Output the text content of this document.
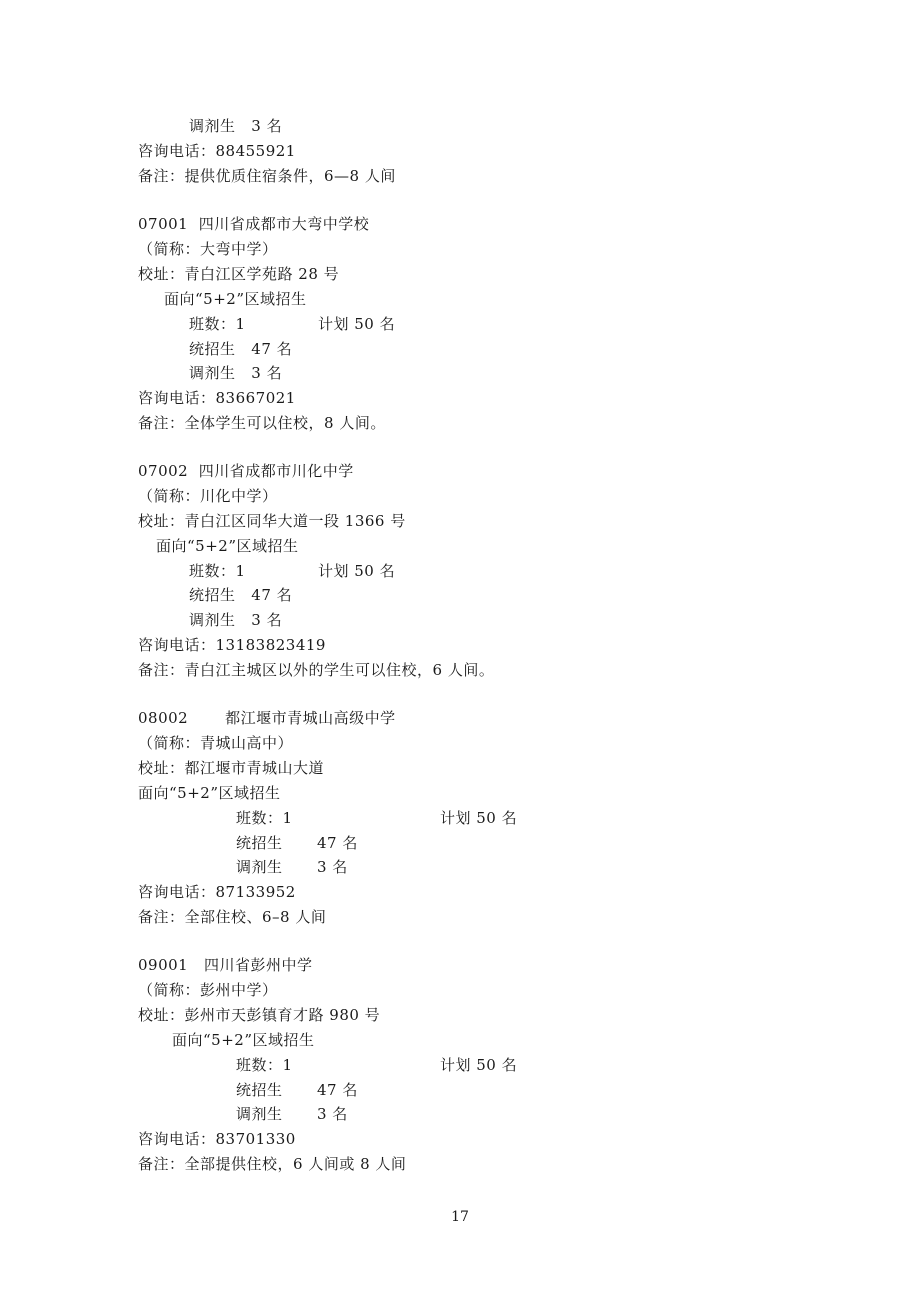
调剂生   3 名
咨询电话：88455921
备注：提供优质住宿条件，6—8 人间
07001  四川省成都市大弯中学校
（简称：大弯中学）
校址：青白江区学苑路 28 号
面向“5+2”区域招生
班数：1	计划 50 名
统招生   47 名
调剂生   3 名
咨询电话：83667021
备注：全体学生可以住校，8 人间。
07002  四川省成都市川化中学
（简称：川化中学）
校址：青白江区同华大道一段 1366 号
面向“5+2”区域招生
班数：1	计划 50 名
统招生   47 名
调剂生   3 名
咨询电话：13183823419
备注：青白江主城区以外的学生可以住校，6 人间。
08002       都江堰市青城山高级中学
（简称：青城山高中）
校址：都江堰市青城山大道
面向“5+2”区域招生
班数：1	计划 50 名
统招生 47 名
调剂生 3 名
咨询电话：87133952
备注：全部住校、6–8 人间
09001   四川省彭州中学
（简称：彭州中学）
校址：彭州市天彭镇育才路 980 号
面向“5+2”区域招生
班数：1	计划 50 名
统招生 47 名
调剂生 3 名
咨询电话：83701330
备注：全部提供住校，6 人间或 8 人间
17
